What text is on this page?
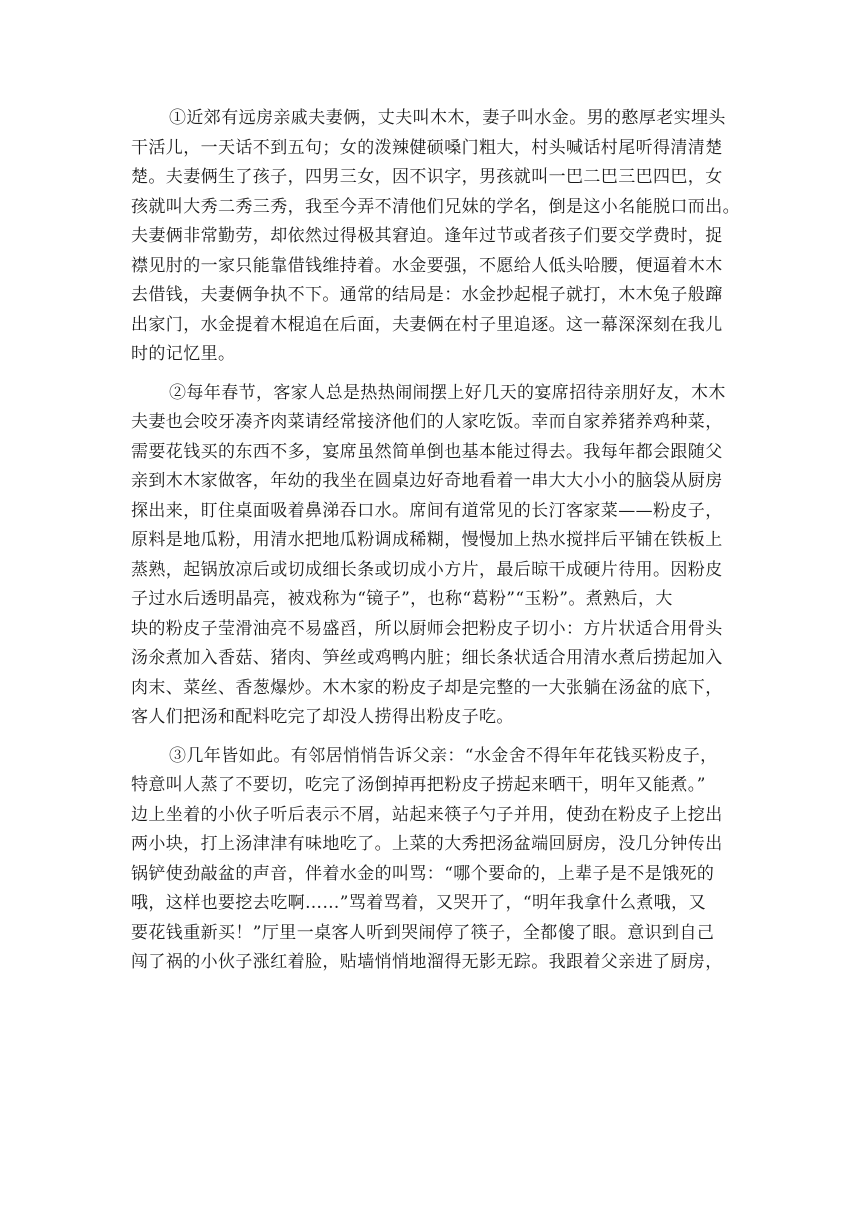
①近郊有远房亲戚夫妻俩，丈夫叫木木，妻子叫水金。男的憨厚老实埋头
干活儿，一天话不到五句；女的泼辣健硕嗓门粗大，村头喊话村尾听得清清楚
楚。夫妻俩生了孩子，四男三女，因不识字，男孩就叫一巴二巴三巴四巴，女
孩就叫大秀二秀三秀，我至今弄不清他们兄妹的学名，倒是这小名能脱口而出。
夫妻俩非常勤劳，却依然过得极其窘迫。逢年过节或者孩子们要交学费时，捉
襟见肘的一家只能靠借钱维持着。水金要强，不愿给人低头哈腰，便逼着木木
去借钱，夫妻俩争执不下。通常的结局是：水金抄起棍子就打，木木兔子般蹿
出家门，水金提着木棍追在后面，夫妻俩在村子里追逐。这一幕深深刻在我儿
时的记忆里。
②每年春节，客家人总是热热闹闹摆上好几天的宴席招待亲朋好友，木木
夫妻也会咬牙凑齐肉菜请经常接济他们的人家吃饭。幸而自家养猪养鸡种菜，
需要花钱买的东西不多，宴席虽然简单倒也基本能过得去。我每年都会跟随父
亲到木木家做客，年幼的我坐在圆桌边好奇地看着一串大大小小的脑袋从厨房
探出来，盯住桌面吸着鼻涕吞口水。席间有道常见的长汀客家菜——粉皮子，
原料是地瓜粉，用清水把地瓜粉调成稀糊，慢慢加上热水搅拌后平铺在铁板上
蒸熟，起锅放凉后或切成细长条或切成小方片，最后晾干成硬片待用。因粉皮
子过水后透明晶亮，被戏称为“镜子”，也称“葛粉”“玉粉”。煮熟后，大
块的粉皮子莹滑油亮不易盛舀，所以厨师会把粉皮子切小：方片状适合用骨头
汤氽煮加入香菇、猪肉、笋丝或鸡鸭内脏；细长条状适合用清水煮后捞起加入
肉末、菜丝、香葱爆炒。木木家的粉皮子却是完整的一大张躺在汤盆的底下，
客人们把汤和配料吃完了却没人捞得出粉皮子吃。
③几年皆如此。有邻居悄悄告诉父亲：“水金舍不得年年花钱买粉皮子，
特意叫人蒸了不要切，吃完了汤倒掉再把粉皮子捞起来晒干，明年又能煮。”
边上坐着的小伙子听后表示不屑，站起来筷子勺子并用，使劲在粉皮子上挖出
两小块，打上汤津津有味地吃了。上菜的大秀把汤盆端回厨房，没几分钟传出
锅铲使劲敲盆的声音，伴着水金的叫骂：“哪个要命的，上辈子是不是饿死的
哦，这样也要挖去吃啊……”骂着骂着，又哭开了，“明年我拿什么煮哦，又
要花钱重新买！”厅里一桌客人听到哭闹停了筷子，全都傻了眼。意识到自己
闯了祸的小伙子涨红着脸，贴墙悄悄地溜得无影无踪。我跟着父亲进了厨房，
